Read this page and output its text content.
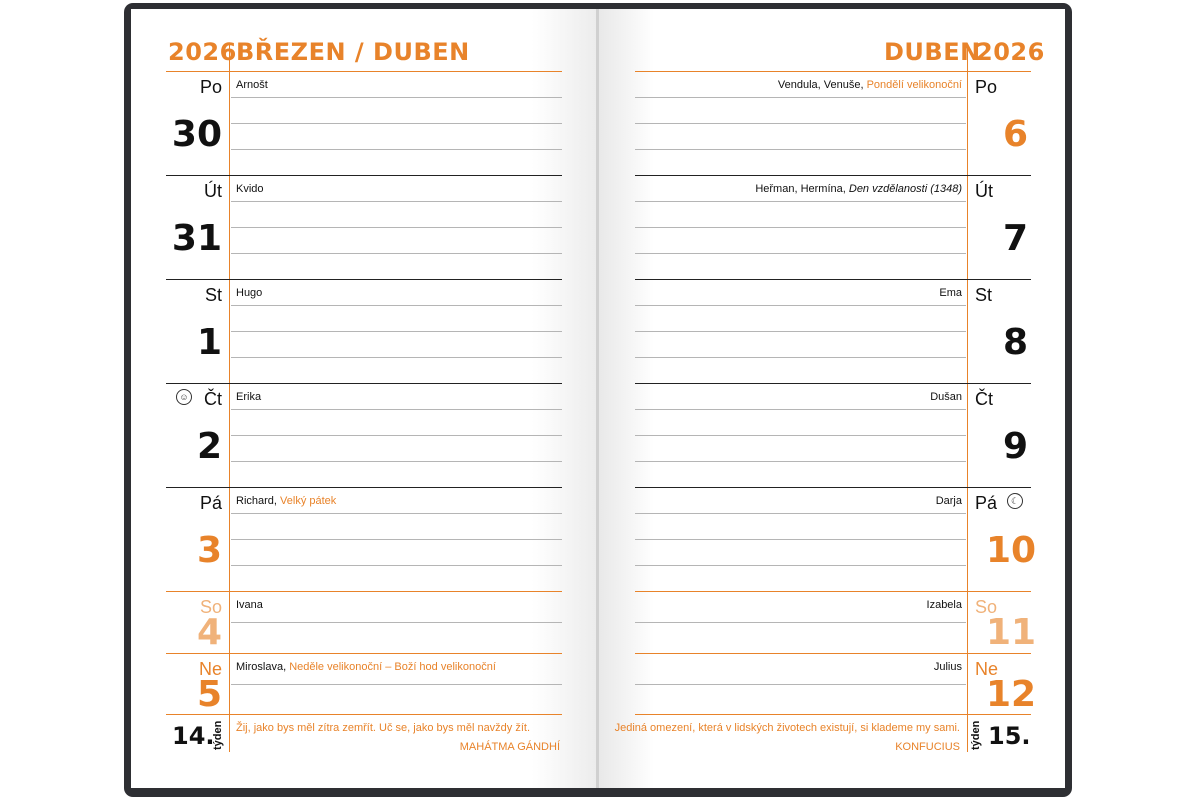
2026 BŘEZEN / DUBEN	DUBEN
2026
Po
30
Arnošt
Út
31
Kvido
St
1
Hugo
Čt
2
Erika
☺
Pá
3
Richard, Velký pátek
So
4
Ivana
Ne
5
Miroslava, Neděle velikonoční – Boží hod velikonoční
Po
6
Vendula, Venuše, Pondělí velikonoční
Út
7
Heřman, Hermína, Den vzdělanosti (1348)
St
8
Ema
Čt
9
Dušan
Pá
10
Darja	☾
So
11
Izabela
Ne
12
Julius
14.
týden Žij, jako bys měl zítra zemřít. Uč se, jako bys měl navždy žít.
MAHÁTMA GÁNDHÍ
Jediná omezení, která v lidských životech existují, si klademe my sami.
KONFUCIUS týden 15.
